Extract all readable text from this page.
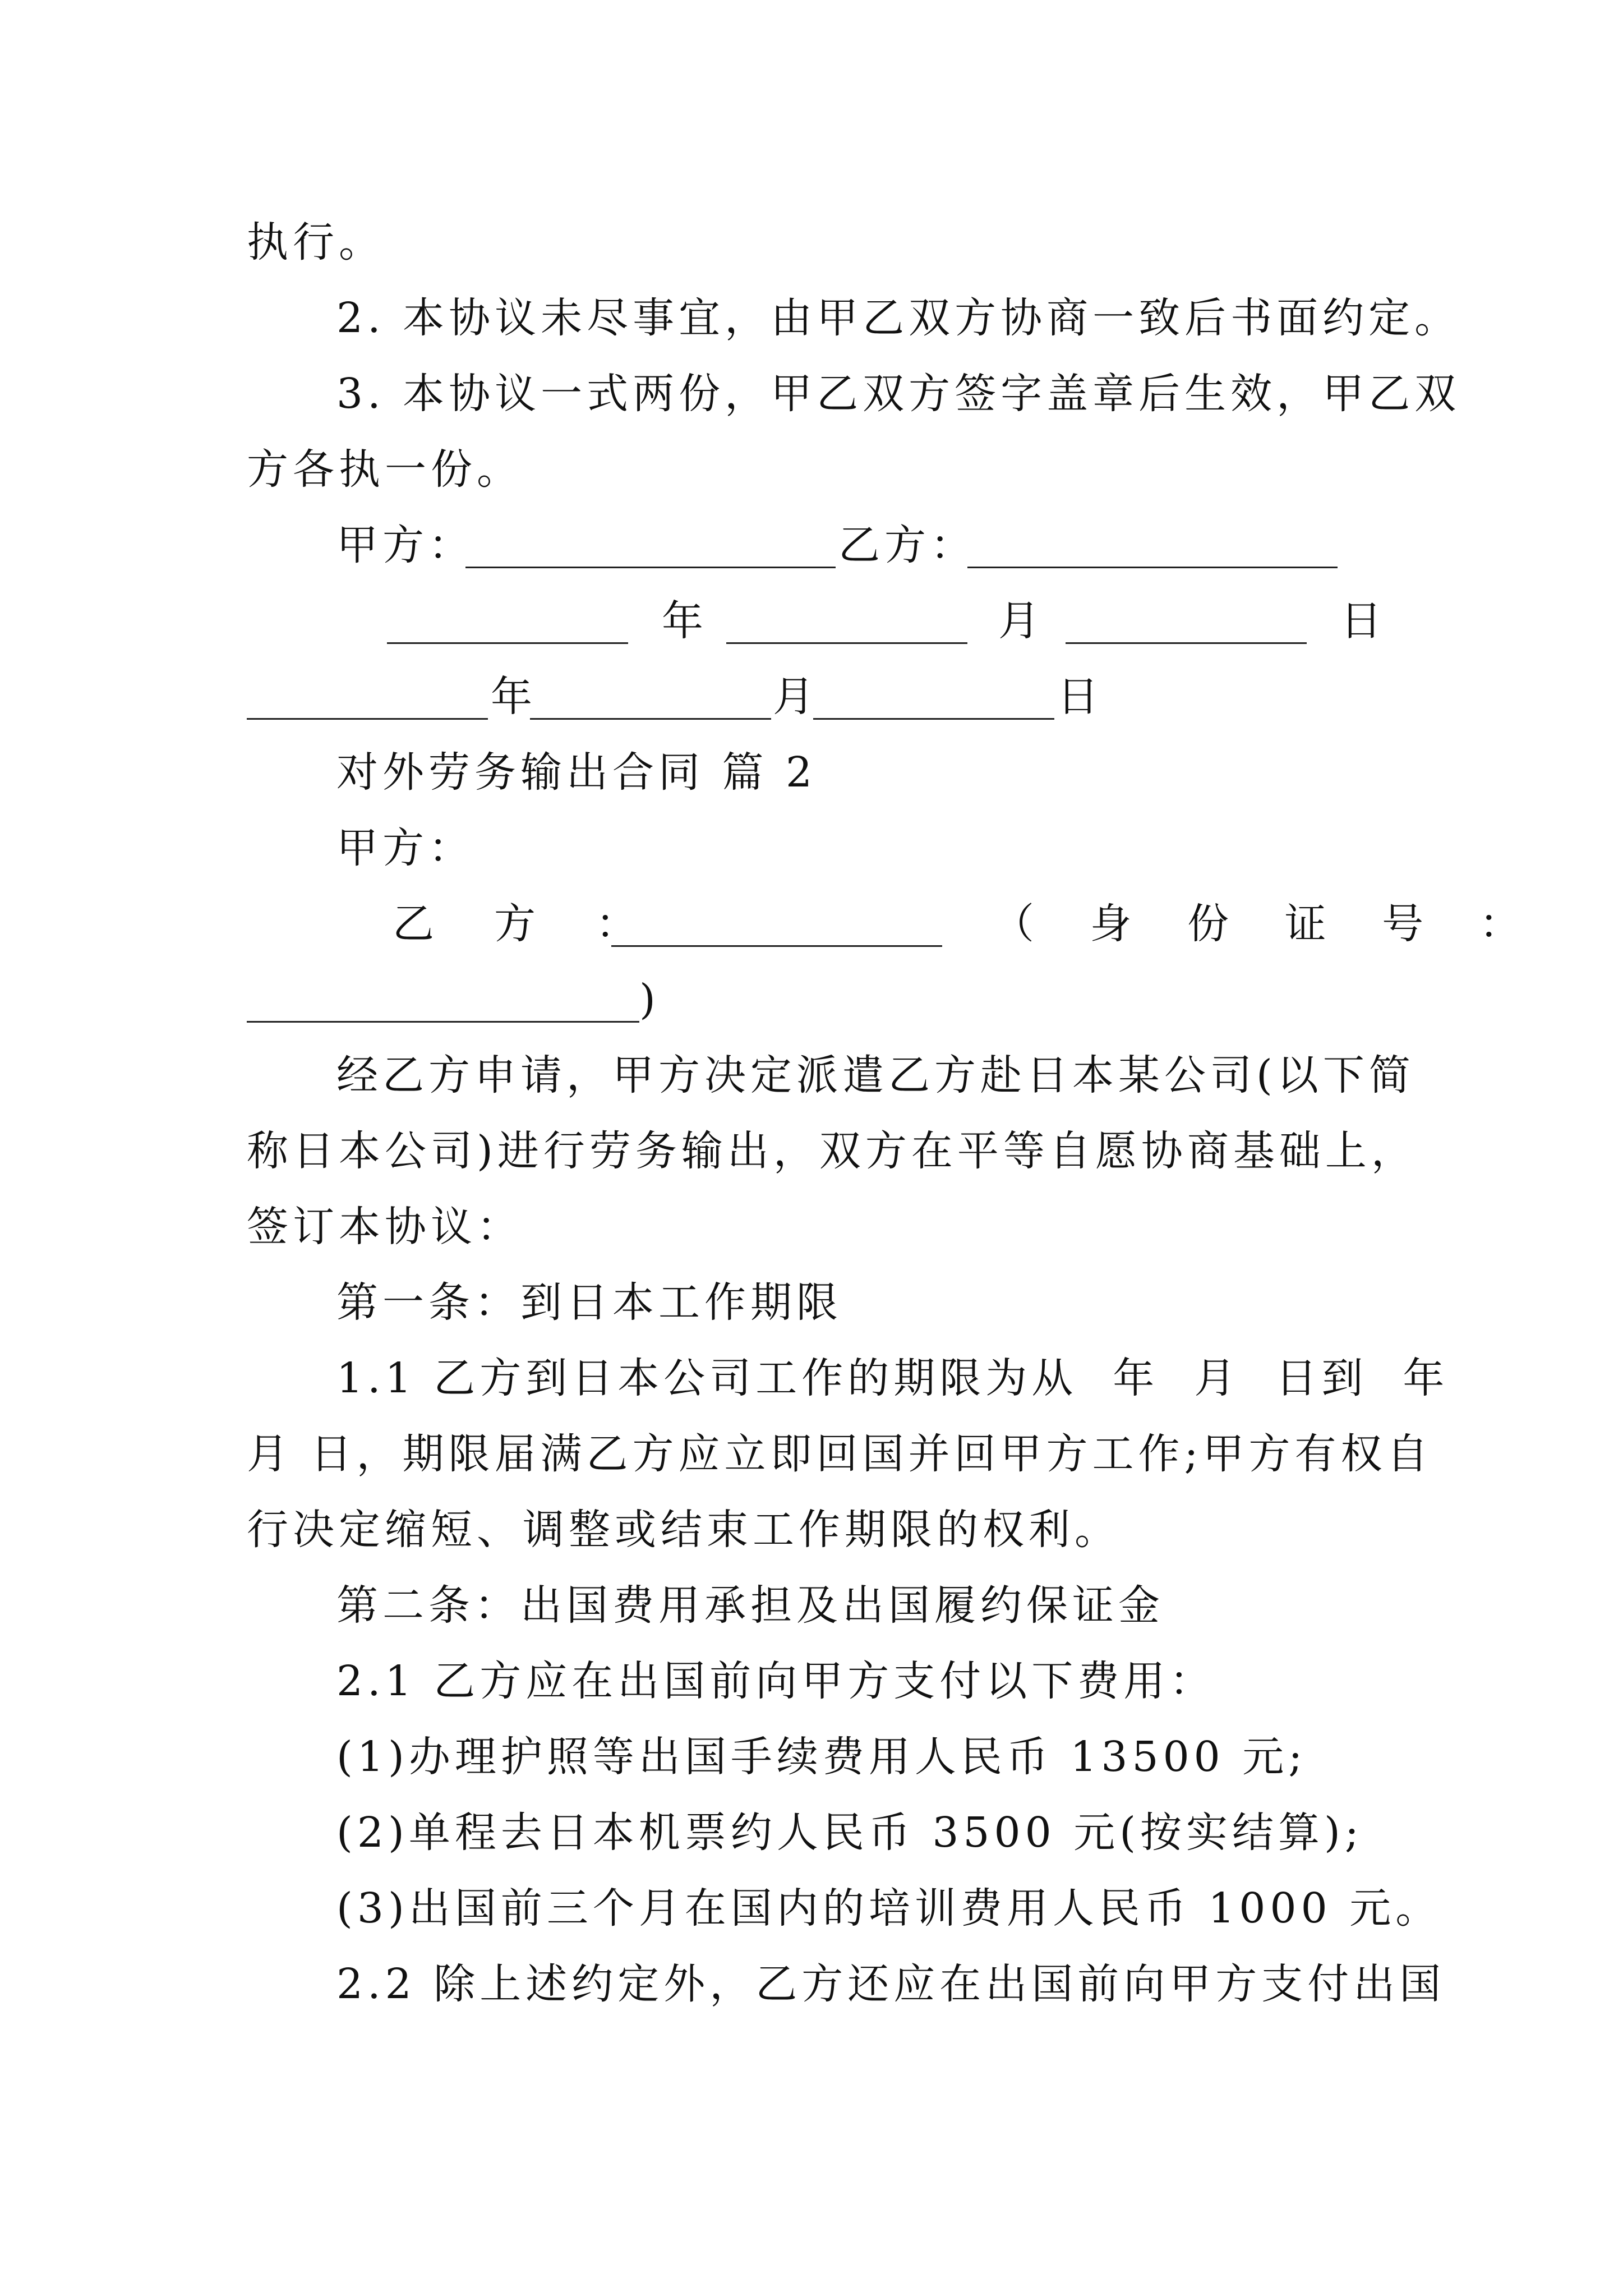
执行。
2. 本协议未尽事宜，由甲乙双方协商一致后书面约定。
3. 本协议一式两份，甲乙双方签字盖章后生效，甲乙双
方各执一份。
甲方：	乙方：
年	月	日
年	月	日
对外劳务输出合同 篇 2
甲方：
乙  方  ：	（ 身 份 证 号 ：
)
经乙方申请，甲方决定派遣乙方赴日本某公司(以下简
称日本公司)进行劳务输出，双方在平等自愿协商基础上，
签订本协议：
第一条：到日本工作期限
1.1 乙方到日本公司工作的期限为从  年  月  日到  年
月 日，期限届满乙方应立即回国并回甲方工作;甲方有权自
行决定缩短、调整或结束工作期限的权利。
第二条：出国费用承担及出国履约保证金
2.1 乙方应在出国前向甲方支付以下费用：
(1)办理护照等出国手续费用人民币 13500 元;
(2)单程去日本机票约人民币 3500 元(按实结算);
(3)出国前三个月在国内的培训费用人民币 1000 元。
2.2 除上述约定外，乙方还应在出国前向甲方支付出国
